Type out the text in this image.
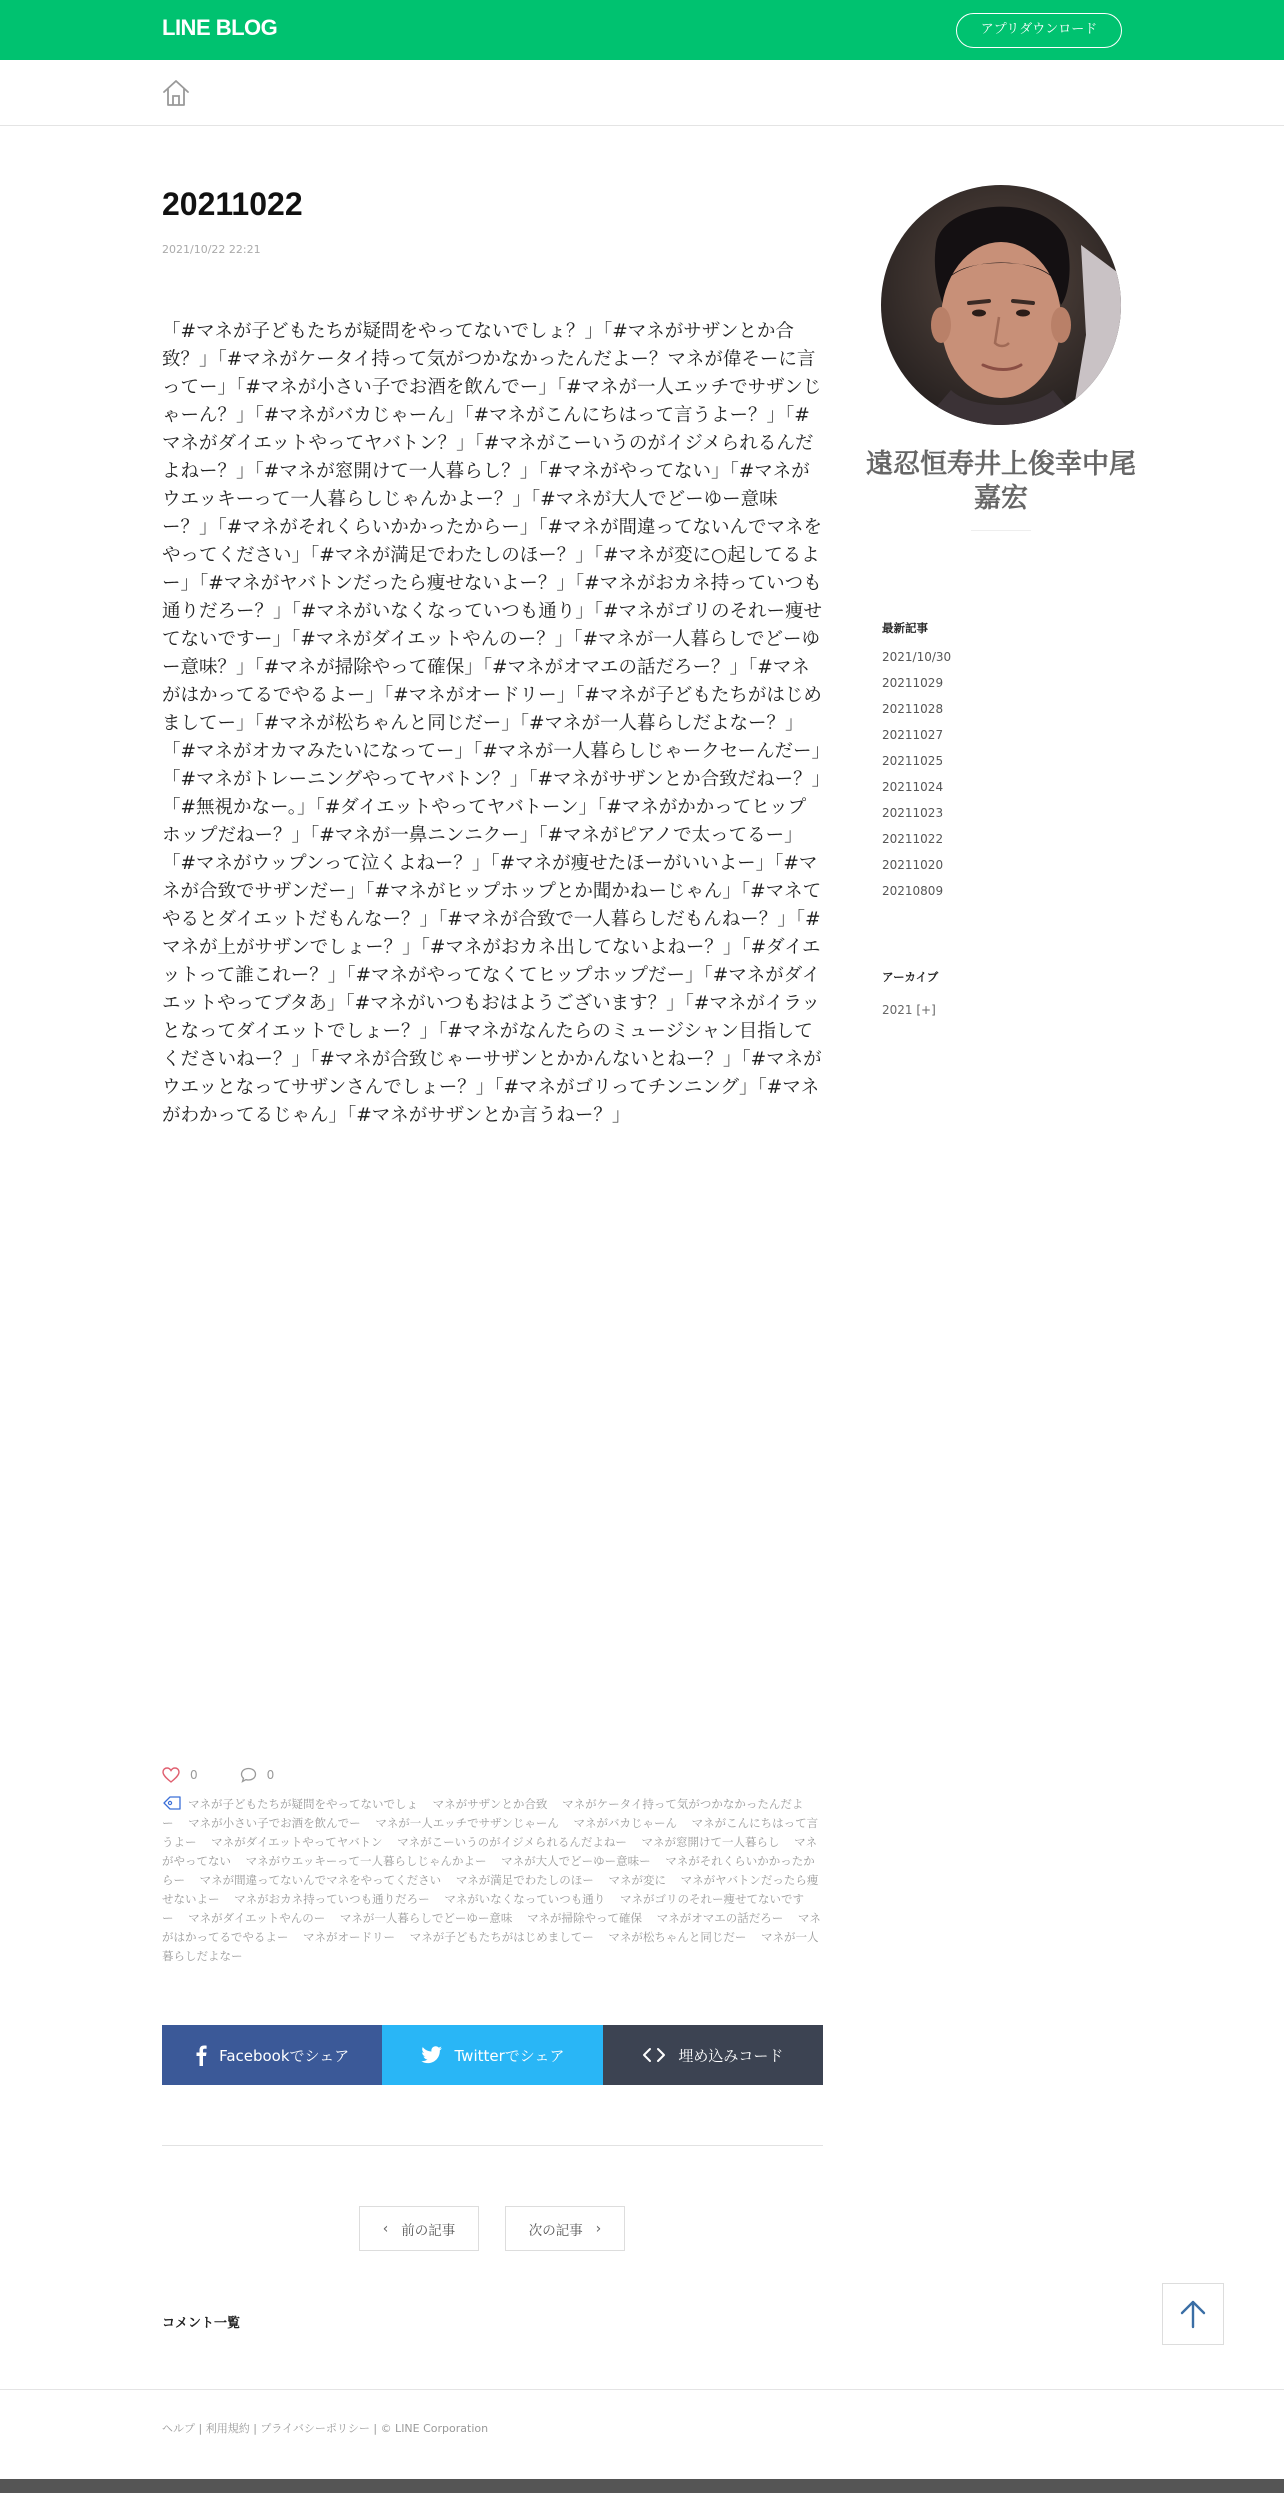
LINE BLOG	アプリダウンロード
20211022
2021/10/22 22:21
「#マネが子どもたちが疑問をやってないでしょ？」「#マネがサザンとか合致？」「#マネがケータイ持って気がつかなかったんだよー？マネが偉そーに言ってー」「#マネが小さい子でお酒を飲んでー」「#マネが一人エッチでサザンじゃーん？」「#マネがバカじゃーん」「#マネがこんにちはって言うよー？」「#マネがダイエットやってヤバトン？」「#マネがこーいうのがイジメられるんだよねー？」「#マネが窓開けて一人暮らし？」「#マネがやってない」「#マネがウエッキーって一人暮らしじゃんかよー？」「#マネが大人でどーゆー意味ー？」「#マネがそれくらいかかったからー」「#マネが間違ってないんでマネをやってください」「#マネが満足でわたしのほー？」「#マネが変に○起してるよー」「#マネがヤバトンだったら痩せないよー？」「#マネがおカネ持っていつも通りだろー？」「#マネがいなくなっていつも通り」「#マネがゴリのそれー痩せてないですー」「#マネがダイエットやんのー？」「#マネが一人暮らしでどーゆー意味？」「#マネが掃除やって確保」「#マネがオマエの話だろー？」「#マネがはかってるでやるよー」「#マネがオードリー」「#マネが子どもたちがはじめましてー」「#マネが松ちゃんと同じだー」「#マネが一人暮らしだよなー？」「#マネがオカマみたいになってー」「#マネが一人暮らしじゃークセーんだー」「#マネがトレーニングやってヤバトン？」「#マネがサザンとか合致だねー？」「#無視かなー。」「#ダイエットやってヤバトーン」「#マネがかかってヒップホップだねー？」「#マネが一鼻ニンニクー」「#マネがピアノで太ってるー」「#マネがウップンって泣くよねー？」「#マネが痩せたほーがいいよー」「#マネが合致でサザンだー」「#マネがヒップホップとか聞かねーじゃん」「#マネてやるとダイエットだもんなー？」「#マネが合致で一人暮らしだもんねー？」「#マネが上がサザンでしょー？」「#マネがおカネ出してないよねー？」「#ダイエットって誰これー？」「#マネがやってなくてヒップホップだー」「#マネがダイエットやってブタあ」「#マネがいつもおはようございます？」「#マネがイラッとなってダイエットでしょー？」「#マネがなんたらのミュージシャン目指してくださいねー？」「#マネが合致じゃーサザンとかかんないとねー？」「#マネがウエッとなってサザンさんでしょー？」「#マネがゴリってチンニング」「#マネがわかってるじゃん」「#マネがサザンとか言うねー？」
0	0
マネが子どもたちが疑問をやってないでしょ マネがサザンとか合致 マネがケータイ持って気がつかなかったんだよー マネが小さい子でお酒を飲んでー マネが一人エッチでサザンじゃーん マネがバカじゃーん マネがこんにちはって言うよー マネがダイエットやってヤバトン マネがこーいうのがイジメられるんだよねー マネが窓開けて一人暮らし マネがやってない マネがウエッキーって一人暮らしじゃんかよー マネが大人でどーゆー意味ー マネがそれくらいかかったからー マネが間違ってないんでマネをやってください マネが満足でわたしのほー マネが変に マネがヤバトンだったら痩せないよー マネがおカネ持っていつも通りだろー マネがいなくなっていつも通り マネがゴリのそれー痩せてないですー マネがダイエットやんのー マネが一人暮らしでどーゆー意味 マネが掃除やって確保 マネがオマエの話だろー マネがはかってるでやるよー マネがオードリー マネが子どもたちがはじめましてー マネが松ちゃんと同じだー マネが一人暮らしだよなー
Facebookでシェア	Twitterでシェア	埋め込みコード
‹
前の記事	次の記事
›
コメント一覧
ヘルプ | 利用規約 | プライバシーポリシー | © LINE Corporation
遠忍恒寿井上俊幸中尾嘉宏
最新記事
2021/10/30
20211029
20211028
20211027
20211025
20211024
20211023
20211022
20211020
20210809
アーカイブ
2021 [+]
